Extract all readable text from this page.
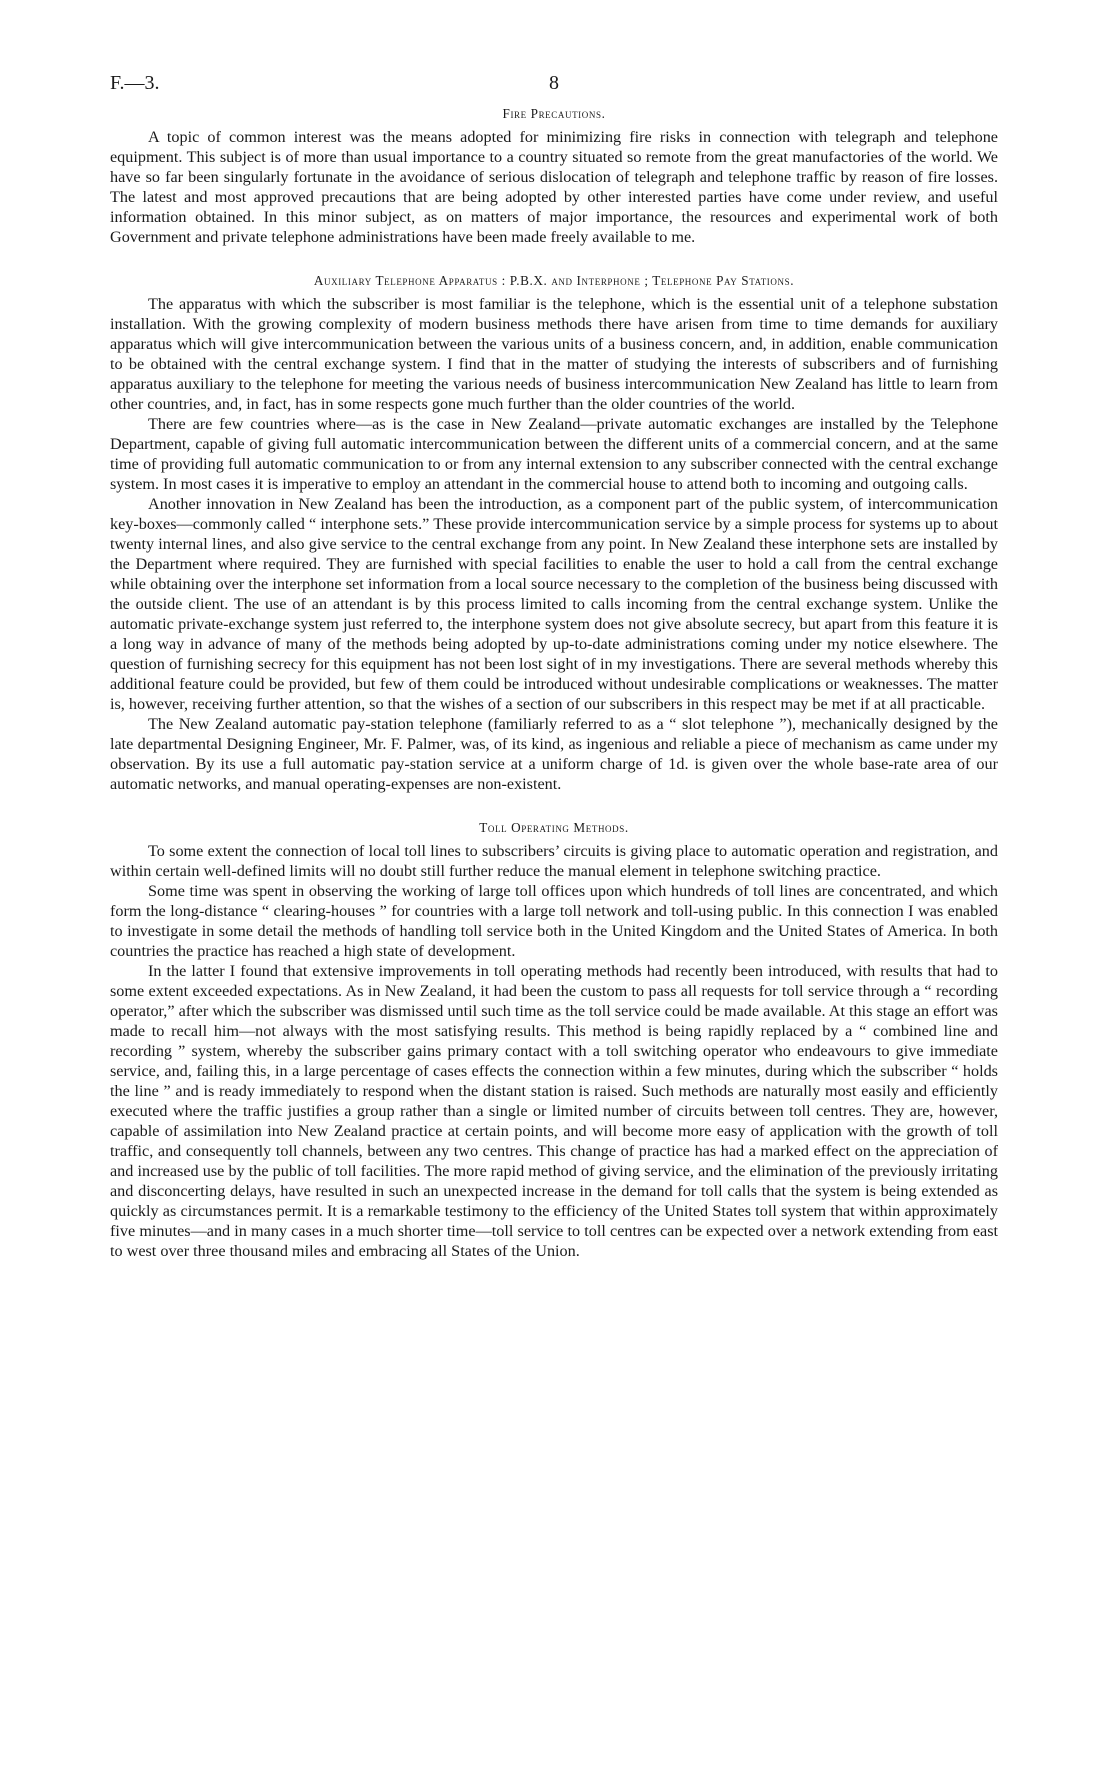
F.—3.	8
Fire Precautions.

A topic of common interest was the means adopted for minimizing fire risks in connection with telegraph and telephone equipment. This subject is of more than usual importance to a country situated so remote from the great manufactories of the world. We have so far been singularly fortunate in the avoidance of serious dislocation of telegraph and telephone traffic by reason of fire losses. The latest and most approved precautions that are being adopted by other interested parties have come under review, and useful information obtained. In this minor subject, as on matters of major importance, the resources and experimental work of both Government and private telephone administrations have been made freely available to me.

Auxiliary Telephone Apparatus : P.B.X. and Interphone ; Telephone Pay Stations.

The apparatus with which the subscriber is most familiar is the telephone, which is the essential unit of a telephone substation installation. With the growing complexity of modern business methods there have arisen from time to time demands for auxiliary apparatus which will give intercommunication between the various units of a business concern, and, in addition, enable communication to be obtained with the central exchange system. I find that in the matter of studying the interests of subscribers and of furnishing apparatus auxiliary to the telephone for meeting the various needs of business intercommunication New Zealand has little to learn from other countries, and, in fact, has in some respects gone much further than the older countries of the world.

There are few countries where—as is the case in New Zealand—private automatic exchanges are installed by the Telephone Department, capable of giving full automatic intercommunication between the different units of a commercial concern, and at the same time of providing full automatic communication to or from any internal extension to any subscriber connected with the central exchange system. In most cases it is imperative to employ an attendant in the commercial house to attend both to incoming and outgoing calls.

Another innovation in New Zealand has been the introduction, as a component part of the public system, of intercommunication key-boxes—commonly called “ interphone sets.” These provide intercommunication service by a simple process for systems up to about twenty internal lines, and also give service to the central exchange from any point. In New Zealand these interphone sets are installed by the Department where required. They are furnished with special facilities to enable the user to hold a call from the central exchange while obtaining over the interphone set information from a local source necessary to the completion of the business being discussed with the outside client. The use of an attendant is by this process limited to calls incoming from the central exchange system. Unlike the automatic private-exchange system just referred to, the interphone system does not give absolute secrecy, but apart from this feature it is a long way in advance of many of the methods being adopted by up-to-date administrations coming under my notice elsewhere. The question of furnishing secrecy for this equipment has not been lost sight of in my investigations. There are several methods whereby this additional feature could be provided, but few of them could be introduced without undesirable complications or weaknesses. The matter is, however, receiving further attention, so that the wishes of a section of our subscribers in this respect may be met if at all practicable.

The New Zealand automatic pay-station telephone (familiarly referred to as a “ slot telephone ”), mechanically designed by the late departmental Designing Engineer, Mr. F. Palmer, was, of its kind, as ingenious and reliable a piece of mechanism as came under my observation. By its use a full automatic pay-station service at a uniform charge of 1d. is given over the whole base-rate area of our automatic networks, and manual operating-expenses are non-existent.

Toll Operating Methods.

To some extent the connection of local toll lines to subscribers’ circuits is giving place to automatic operation and registration, and within certain well-defined limits will no doubt still further reduce the manual element in telephone switching practice.

Some time was spent in observing the working of large toll offices upon which hundreds of toll lines are concentrated, and which form the long-distance “ clearing-houses ” for countries with a large toll network and toll-using public. In this connection I was enabled to investigate in some detail the methods of handling toll service both in the United Kingdom and the United States of America. In both countries the practice has reached a high state of development.

In the latter I found that extensive improvements in toll operating methods had recently been introduced, with results that had to some extent exceeded expectations. As in New Zealand, it had been the custom to pass all requests for toll service through a “ recording operator,” after which the subscriber was dismissed until such time as the toll service could be made available. At this stage an effort was made to recall him—not always with the most satisfying results. This method is being rapidly replaced by a “ combined line and recording ” system, whereby the subscriber gains primary contact with a toll switching operator who endeavours to give immediate service, and, failing this, in a large percentage of cases effects the connection within a few minutes, during which the subscriber “ holds the line ” and is ready immediately to respond when the distant station is raised. Such methods are naturally most easily and efficiently executed where the traffic justifies a group rather than a single or limited number of circuits between toll centres. They are, however, capable of assimilation into New Zealand practice at certain points, and will become more easy of application with the growth of toll traffic, and consequently toll channels, between any two centres. This change of practice has had a marked effect on the appreciation of and increased use by the public of toll facilities. The more rapid method of giving service, and the elimination of the previously irritating and disconcerting delays, have resulted in such an unexpected increase in the demand for toll calls that the system is being extended as quickly as circumstances permit. It is a remarkable testimony to the efficiency of the United States toll system that within approximately five minutes—and in many cases in a much shorter time—toll service to toll centres can be expected over a network extending from east to west over three thousand miles and embracing all States of the Union.
